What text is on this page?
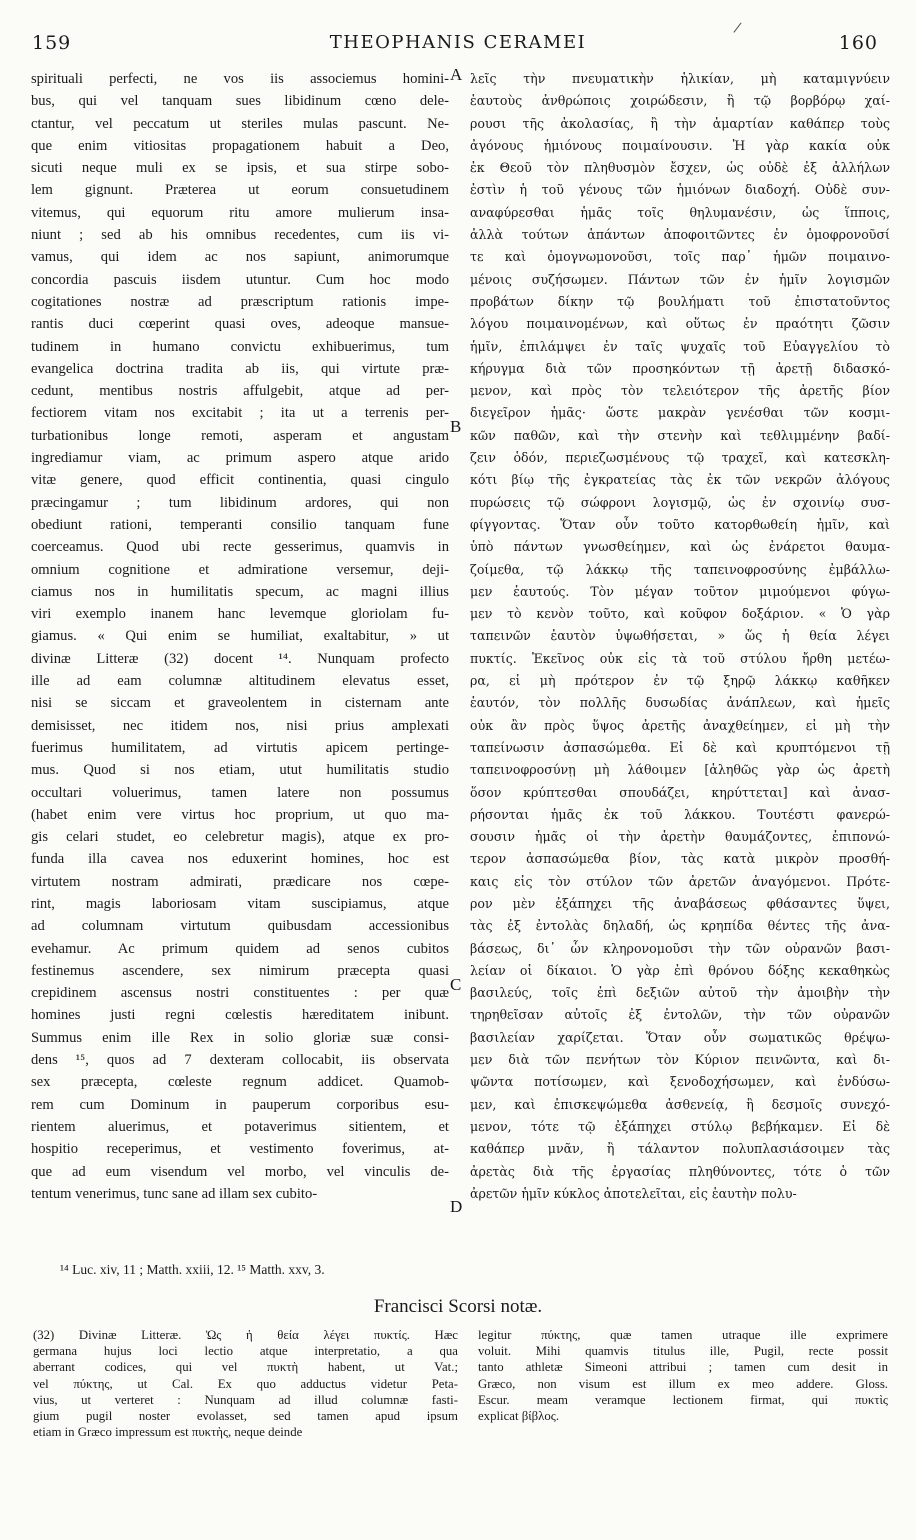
159	THEOPHANIS CERAMEI	160
/
spirituali perfecti, ne vos iis associemus homini-
bus, qui vel tanquam sues libidinum cœno dele-
ctantur, vel peccatum ut steriles mulas pascunt. Ne-
que enim vitiositas propagationem habuit a Deo,
sicuti neque muli ex se ipsis, et sua stirpe sobo-
lem gignunt. Præterea ut eorum consuetudinem
vitemus, qui equorum ritu amore mulierum insa-
niunt ; sed ab his omnibus recedentes, cum iis vi-
vamus, qui idem ac nos sapiunt, animorumque
concordia pascuis iisdem utuntur. Cum hoc modo
cogitationes nostræ ad præscriptum rationis impe-
rantis duci cœperint quasi oves, adeoque mansue-
tudinem in humano convictu exhibuerimus, tum
evangelica doctrina tradita ab iis, qui virtute præ-
cedunt, mentibus nostris affulgebit, atque ad per-
fectiorem vitam nos excitabit ; ita ut a terrenis per-
turbationibus longe remoti, asperam et angustam
ingrediamur viam, ac primum aspero atque arido
vitæ genere, quod efficit continentia, quasi cingulo
præcingamur ; tum libidinum ardores, qui non
obediunt rationi, temperanti consilio tanquam fune
coerceamus. Quod ubi recte gesserimus, quamvis in
omnium cognitione et admiratione versemur, deji-
ciamus nos in humilitatis specum, ac magni illius
viri exemplo inanem hanc levemque gloriolam fu-
giamus. « Qui enim se humiliat, exaltabitur, » ut
divinæ Litteræ (32) docent ¹⁴. Nunquam profecto
ille ad eam columnæ altitudinem elevatus esset,
nisi se siccam et graveolentem in cisternam ante
demisisset, nec itidem nos, nisi prius amplexati
fuerimus humilitatem, ad virtutis apicem pertinge-
mus. Quod si nos etiam, utut humilitatis studio
occultari voluerimus, tamen latere non possumus
(habet enim vere virtus hoc proprium, ut quo ma-
gis celari studet, eo celebretur magis), atque ex pro-
funda illa cavea nos eduxerint homines, hoc est
virtutem nostram admirati, prædicare nos cœpe-
rint, magis laboriosam vitam suscipiamus, atque
ad columnam virtutum quibusdam accessionibus
evehamur. Ac primum quidem ad senos cubitos
festinemus ascendere, sex nimirum præcepta quasi
crepidinem ascensus nostri constituentes : per quæ
homines justi regni cœlestis hæreditatem inibunt.
Summus enim ille Rex in solio gloriæ suæ consi-
dens ¹⁵, quos ad 7 dexteram collocabit, iis observata
sex præcepta, cœleste regnum addicet. Quamob-
rem cum Dominum in pauperum corporibus esu-
rientem aluerimus, et potaverimus sitientem, et
hospitio receperimus, et vestimento foverimus, at-
que ad eum visendum vel morbo, vel vinculis de-
tentum venerimus, tunc sane ad illam sex cubito-
λεῖς τὴν πνευματικὴν ἡλικίαν, μὴ καταμιγνύειν
ἑαυτοὺς ἀνθρώποις χοιρώδεσιν, ἢ τῷ βορβόρῳ χαί-
ρουσι τῆς ἀκολασίας, ἢ τὴν ἁμαρτίαν καθάπερ τοὺς
ἀγόνους ἡμιόνους ποιμαίνουσιν. Ἡ γὰρ κακία οὐκ
ἐκ Θεοῦ τὸν πληθυσμὸν ἔσχεν, ὡς οὐδὲ ἐξ ἀλλήλων
ἐστὶν ἡ τοῦ γένους τῶν ἡμιόνων διαδοχή. Οὐδὲ συν-
αναφύρεσθαι ἡμᾶς τοῖς θηλυμανέσιν, ὡς ἵπποις,
ἀλλὰ τούτων ἁπάντων ἀποφοιτῶντες ἐν ὁμοφρονοῦσί
τε καὶ ὁμογνωμονοῦσι, τοῖς παρ᾽ ἡμῶν ποιμαινο-
μένοις συζήσωμεν. Πάντων τῶν ἐν ἡμῖν λογισμῶν
προβάτων δίκην τῷ βουλήματι τοῦ ἐπιστατοῦντος
λόγου ποιμαινομένων, καὶ οὕτως ἐν πραότητι ζῶσιν
ἡμῖν, ἐπιλάμψει ἐν ταῖς ψυχαῖς τοῦ Εὐαγγελίου τὸ
κήρυγμα διὰ τῶν προσηκόντων τῇ ἀρετῇ διδασκό-
μενον, καὶ πρὸς τὸν τελειότερον τῆς ἀρετῆς βίον
διεγεῖρον ἡμᾶς· ὥστε μακρὰν γενέσθαι τῶν κοσμι-
κῶν παθῶν, καὶ τὴν στενὴν καὶ τεθλιμμένην βαδί-
ζειν ὁδόν, περιεζωσμένους τῷ τραχεῖ, καὶ κατεσκλη-
κότι βίῳ τῆς ἐγκρατείας τὰς ἐκ τῶν νεκρῶν ἀλόγους
πυρώσεις τῷ σώφρονι λογισμῷ, ὡς ἐν σχοινίῳ συσ-
φίγγοντας. Ὅταν οὖν τοῦτο κατορθωθείη ἡμῖν, καὶ
ὑπὸ πάντων γνωσθείημεν, καὶ ὡς ἐνάρετοι θαυμα-
ζοίμεθα, τῷ λάκκῳ τῆς ταπεινοφροσύνης ἐμβάλλω-
μεν ἑαυτούς. Τὸν μέγαν τοῦτον μιμούμενοι φύγω-
μεν τὸ κενὸν τοῦτο, καὶ κοῦφον δοξάριον. « Ὁ γὰρ
ταπεινῶν ἑαυτὸν ὑψωθήσεται, » ὥς ἡ θεία λέγει
πυκτίς. Ἐκεῖνος οὐκ εἰς τὰ τοῦ στύλου ἤρθη μετέω-
ρα, εἰ μὴ πρότερον ἐν τῷ ξηρῷ λάκκῳ καθῆκεν
ἑαυτόν, τὸν πολλῆς δυσωδίας ἀνάπλεων, καὶ ἡμεῖς
οὐκ ἂν πρὸς ὕψος ἀρετῆς ἀναχθείημεν, εἰ μὴ τὴν
ταπείνωσιν ἀσπασώμεθα. Εἰ δὲ καὶ κρυπτόμενοι τῇ
ταπεινοφροσύνῃ μὴ λάθοιμεν [ἀληθῶς γὰρ ὡς ἀρετὴ
ὅσον κρύπτεσθαι σπουδάζει, κηρύττεται] καὶ ἀνασ-
ρήσονται ἡμᾶς ἐκ τοῦ λάκκου. Τουτέστι φανερώ-
σουσιν ἡμᾶς οἱ τὴν ἀρετὴν θαυμάζοντες, ἐπιπονώ-
τερον ἀσπασώμεθα βίον, τὰς κατὰ μικρὸν προσθή-
καις εἰς τὸν στύλον τῶν ἀρετῶν ἀναγόμενοι. Πρότε-
ρον μὲν ἐξάπηχει τῆς ἀναβάσεως φθάσαντες ὕψει,
τὰς ἐξ ἐντολὰς δηλαδή, ὡς κρηπίδα θέντες τῆς ἀνα-
βάσεως, δι᾽ ὧν κληρονομοῦσι τὴν τῶν οὐρανῶν βασι-
λείαν οἱ δίκαιοι. Ὁ γὰρ ἐπὶ θρόνου δόξης κεκαθηκὼς
βασιλεύς, τοῖς ἐπὶ δεξιῶν αὐτοῦ τὴν ἀμοιβὴν τὴν
τηρηθεῖσαν αὐτοῖς ἐξ ἐντολῶν, τὴν τῶν οὐρανῶν
βασιλείαν χαρίζεται. Ὅταν οὖν σωματικῶς θρέψω-
μεν διὰ τῶν πενήτων τὸν Κύριον πεινῶντα, καὶ δι-
ψῶντα ποτίσωμεν, καὶ ξενοδοχήσωμεν, καὶ ἐνδύσω-
μεν, καὶ ἐπισκεψώμεθα ἀσθενείᾳ, ἢ δεσμοῖς συνεχό-
μενον, τότε τῷ ἐξάπηχει στύλῳ βεβήκαμεν. Εἰ δὲ
καθάπερ μνᾶν, ἢ τάλαντον πολυπλασιάσοιμεν τὰς
ἀρετὰς διὰ τῆς ἐργασίας πληθύνοντες, τότε ὁ τῶν
ἀρετῶν ἡμῖν κύκλος ἀποτελεῖται, εἰς ἑαυτὴν πολυ-
A
B
C
D
¹⁴ Luc. xiv, 11 ; Matth. xxiii, 12. ¹⁵ Matth. xxv, 3.
Francisci Scorsi notæ.
(32) Divinæ Litteræ. Ὡς ἡ θεία λέγει πυκτίς. Hæc
germana hujus loci lectio atque interpretatio, a qua
aberrant codices, qui vel πυκτὴ habent, ut Vat.;
vel πύκτης, ut Cal. Ex quo adductus videtur Peta-
vius, ut verteret : Nunquam ad illud columnæ fasti-
gium pugil noster evolasset, sed tamen apud ipsum
etiam in Græco impressum est πυκτὴς, neque deinde
legitur πύκτης, quæ tamen utraque ille exprimere
voluit. Mihi quamvis titulus ille, Pugil, recte possit
tanto athletæ Simeoni attribui ; tamen cum desit in
Græco, non visum est illum ex meo addere. Gloss.
Escur. meam veramque lectionem firmat, qui πυκτὶς
explicat βίβλος.
